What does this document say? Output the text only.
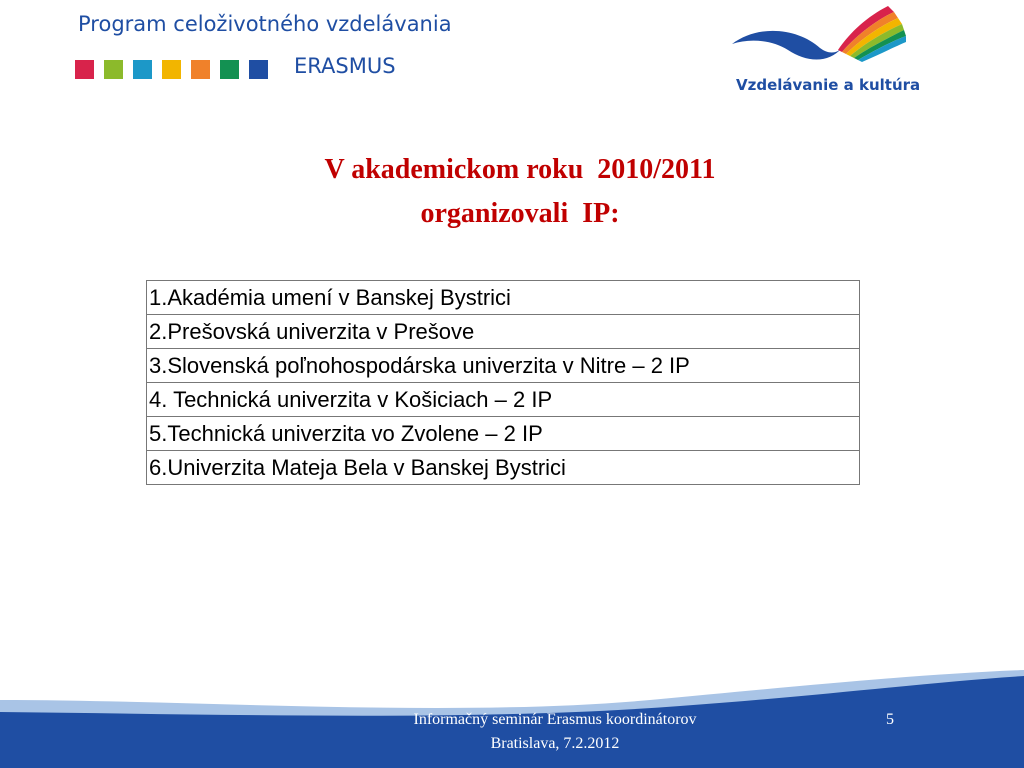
Program celoživotného vzdelávania
ERASMUS
Vzdelávanie a kultúra
V akademickom roku  2010/2011
organizovali  IP:
1.Akadémia umení v Banskej Bystrici
2.Prešovská univerzita v Prešove
3.Slovenská poľnohospodárska univerzita v Nitre – 2 IP
4. Technická univerzita v Košiciach – 2 IP
5.Technická univerzita vo Zvolene – 2 IP
6.Univerzita Mateja Bela v Banskej Bystrici
Informačný seminár Erasmus koordinátorov
Bratislava, 7.2.2012
5
